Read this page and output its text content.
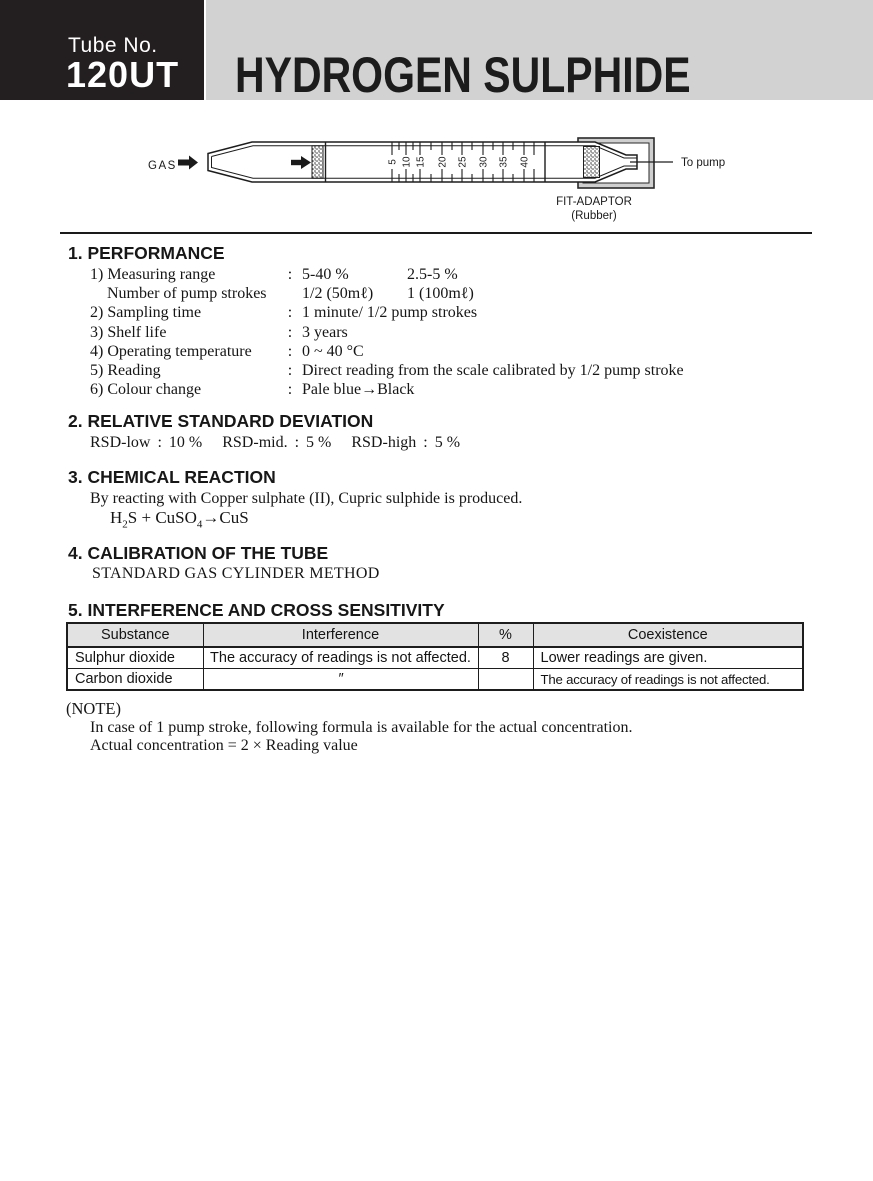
Tube No.
120UT HYDROGEN SULPHIDE
GAS	5 10 15 20 25 30 35 40	To pump
FIT-ADAPTOR
(Rubber)
1. PERFORMANCE
1) Measuring range	: 5-40 %	2.5-5 %
Number of pump strokes	1/2 (50mℓ) 1 (100mℓ)
2) Sampling time	: 1 minute/ 1/2 pump strokes
3) Shelf life	: 3 years
4) Operating temperature	: 0 ~ 40 °C
5) Reading	: Direct reading from the scale calibrated by 1/2 pump stroke
6) Colour change	: Pale blue→Black
2. RELATIVE STANDARD DEVIATION
RSD-low : 10 % RSD-mid. : 5 % RSD-high : 5 %
3. CHEMICAL REACTION
By reacting with Copper sulphate (II), Cupric sulphide is produced.
$H_2S$ + CuSO$_4$→CuS
4. CALIBRATION OF THE TUBE
STANDARD GAS CYLINDER METHOD
5. INTERFERENCE AND CROSS SENSITIVITY
Substance	Interference	%	Coexistence
Sulphur dioxide	The accuracy of readings is not affected.	8	Lower readings are given.
Carbon dioxide	″		The accuracy of readings is not affected.
(NOTE)
In case of 1 pump stroke, following formula is available for the actual concentration.
Actual concentration = 2 × Reading value
